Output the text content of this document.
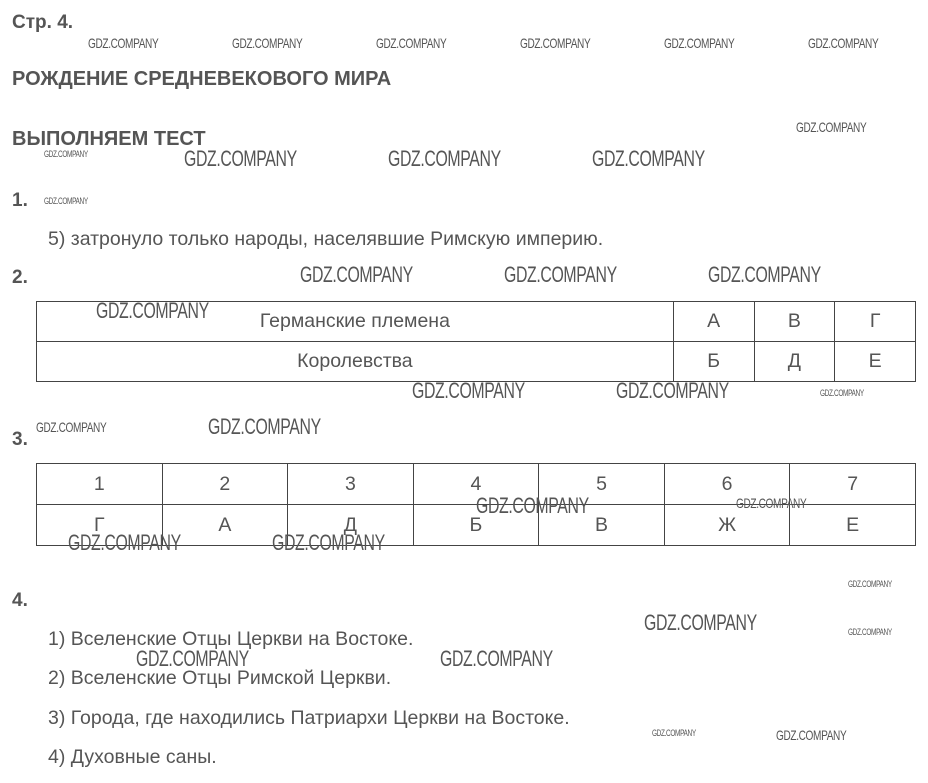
Стр. 4.
РОЖДЕНИЕ СРЕДНЕВЕКОВОГО МИРА
ВЫПОЛНЯЕМ ТЕСТ
1.
5) затронуло только народы, населявшие Римскую империю.
2.
Германские племена	А	В	Г
Королевства	Б	Д	Е
3.
1	2	3	4	5	6	7
Г	А	Д	Б	В	Ж	Е
4.
1) Вселенские Отцы Церкви на Востоке.
2) Вселенские Отцы Римской Церкви.
3) Города, где находились Патриархи Церкви на Востоке.
4) Духовные саны.
GDZ.COMPANY	GDZ.COMPANY	GDZ.COMPANY	GDZ.COMPANY	GDZ.COMPANY	GDZ.COMPANY
GDZ.COMPANY
GDZ.COMPANY	GDZ.COMPANY	GDZ.COMPANY	GDZ.COMPANY
GDZ.COMPANY
GDZ.COMPANY	GDZ.COMPANY	GDZ.COMPANY
GDZ.COMPANY
GDZ.COMPANY	GDZ.COMPANY	GDZ.COMPANY
GDZ.COMPANY	GDZ.COMPANY
GDZ.COMPANY	GDZ.COMPANY
GDZ.COMPANY	GDZ.COMPANY
GDZ.COMPANY
GDZ.COMPANY	GDZ.COMPANY
GDZ.COMPANY	GDZ.COMPANY
GDZ.COMPANY	GDZ.COMPANY
